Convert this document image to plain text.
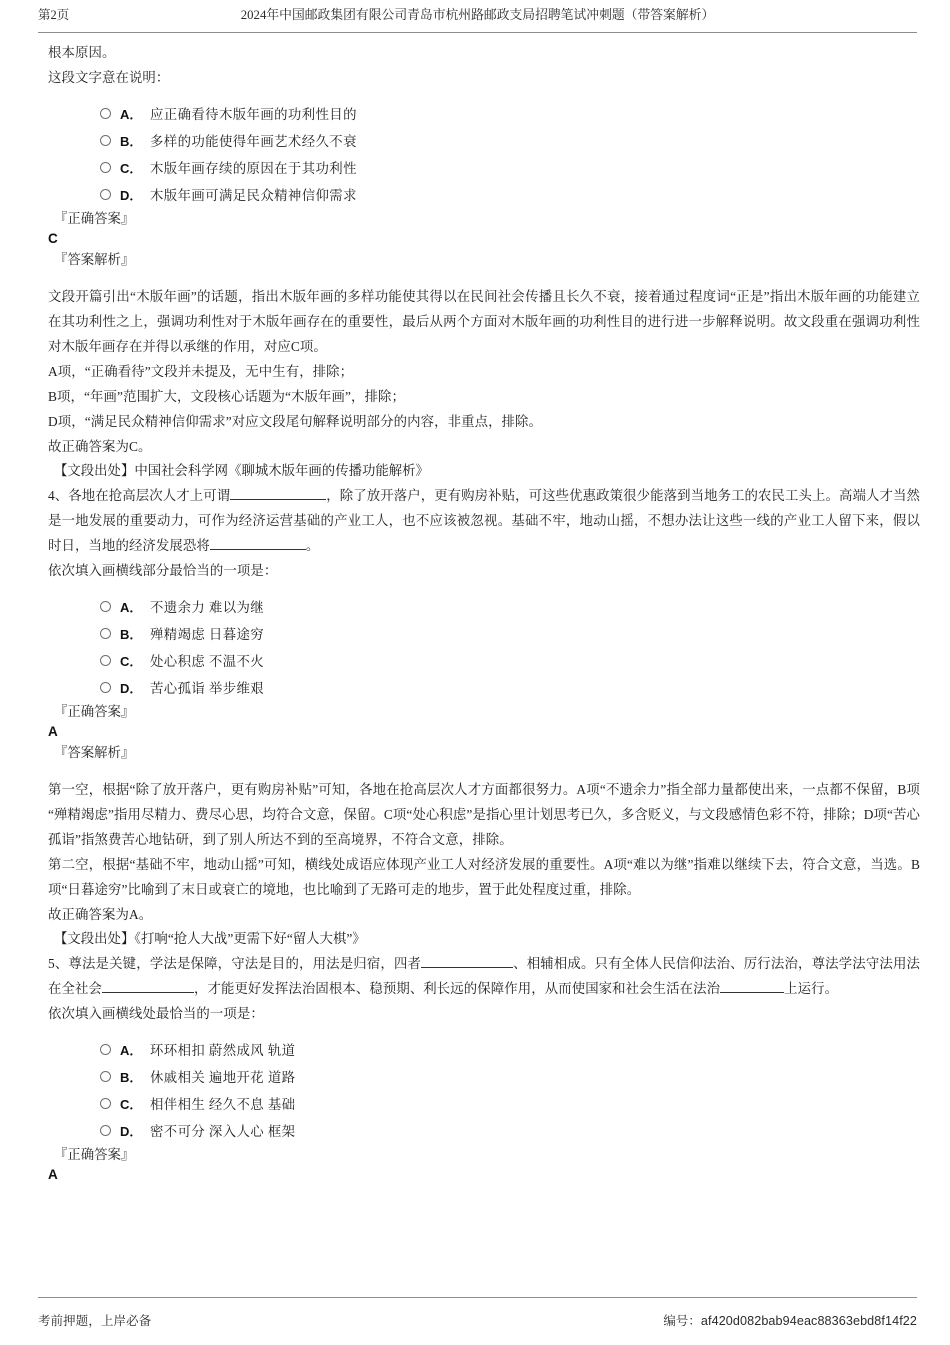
第2页	2024年中国邮政集团有限公司青岛市杭州路邮政支局招聘笔试冲刺题（带答案解析）

根本原因。

这段文字意在说明：

A． 应正确看待木版年画的功利性目的
B． 多样的功能使得年画艺术经久不衰
C． 木版年画存续的原因在于其功利性
D． 木版年画可满足民众精神信仰需求

『正确答案』

C

『答案解析』

文段开篇引出“木版年画”的话题，指出木版年画的多样功能使其得以在民间社会传播且长久不衰，接着通过程度词“正是”指出木版年画的功能建立在其功利性之上，强调功利性对于木版年画存在的重要性，最后从两个方面对木版年画的功利性目的进行进一步解释说明。故文段重在强调功利性对木版年画存在并得以承继的作用，对应C项。

A项，“正确看待”文段并未提及，无中生有，排除；

B项，“年画”范围扩大，文段核心话题为“木版年画”，排除；

D项，“满足民众精神信仰需求”对应文段尾句解释说明部分的内容，非重点，排除。

故正确答案为C。

【文段出处】中国社会科学网《聊城木版年画的传播功能解析》

4、各地在抢高层次人才上可谓	，除了放开落户，更有购房补贴，可这些优惠政策很少能落到当地务工的农民工头上。高端人才当然是一地发展的重要动力，可作为经济运营基础的产业工人，也不应该被忽视。基础不牢，地动山摇，不想办法让这些一线的产业工人留下来，假以时日，当地的经济发展恐将	。

依次填入画横线部分最恰当的一项是：

A． 不遗余力 难以为继
B． 殚精竭虑 日暮途穷
C． 处心积虑 不温不火
D． 苦心孤诣 举步维艰

『正确答案』

A

『答案解析』

第一空，根据“除了放开落户，更有购房补贴”可知，各地在抢高层次人才方面都很努力。A项“不遗余力”指全部力量都使出来，一点都不保留，B项“殚精竭虑”指用尽精力、费尽心思，均符合文意，保留。C项“处心积虑”是指心里计划思考已久，多含贬义，与文段感情色彩不符，排除；D项“苦心孤诣”指煞费苦心地钻研，到了别人所达不到的至高境界，不符合文意，排除。

第二空，根据“基础不牢，地动山摇”可知，横线处成语应体现产业工人对经济发展的重要性。A项“难以为继”指难以继续下去，符合文意，当选。B项“日暮途穷”比喻到了末日或衰亡的境地，也比喻到了无路可走的地步，置于此处程度过重，排除。

故正确答案为A。

【文段出处】《打响“抢人大战”更需下好“留人大棋”》

5、尊法是关键，学法是保障，守法是目的，用法是归宿，四者	、相辅相成。只有全体人民信仰法治、厉行法治，尊法学法守法用法在全社会	，才能更好发挥法治固根本、稳预期、利长远的保障作用，从而使国家和社会生活在法治	上运行。

依次填入画横线处最恰当的一项是：

A． 环环相扣 蔚然成风 轨道
B． 休戚相关 遍地开花 道路
C． 相伴相生 经久不息 基础
D． 密不可分 深入人心 框架

『正确答案』

A

考前押题，上岸必备	编号：af420d082bab94eac88363ebd8f14f22
